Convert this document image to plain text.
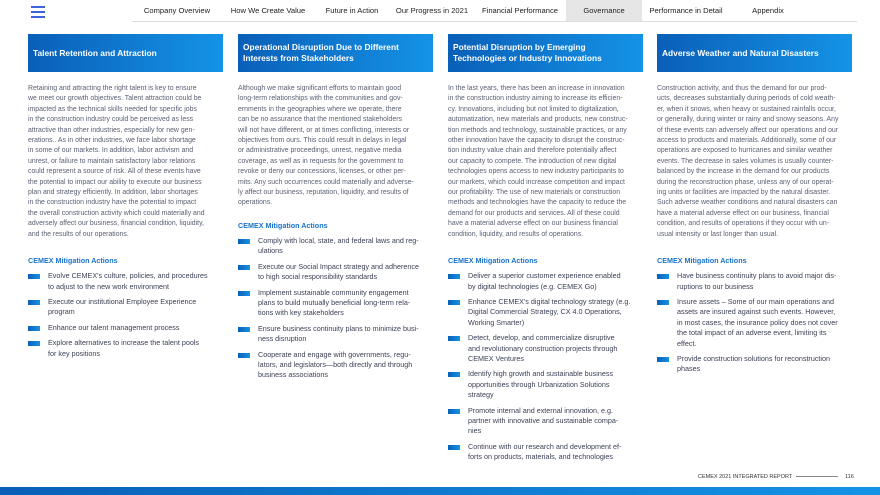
Company Overview	How We Create Value	Future in Action	Our Progress in 2021	Financial Performance	Governance	Performance in Detail	Appendix
Talent Retention and Attraction
Retaining and attracting the right talent is key to ensure
we meet our growth objectives. Talent attraction could be
impacted as the technical skills needed for specific jobs
in the construction industry could be perceived as less
attractive than other industries, especially for new gen-
erations.. As in other industries, we face labor shortage
in some of our markets. In addition, labor activism and
unrest, or failure to maintain satisfactory labor relations
could represent a source of risk. All of these events have
the potential to impact our ability to execute our business
plan and strategy efficiently. In addition, labor shortages
in the construction industry have the potential to impact
the overall construction activity which could materially and
adversely affect our business, financial condition, liquidity,
and the results of our operations.
CEMEX Mitigation Actions
Evolve CEMEX's culture, policies, and procedures
to adjust to the new work environment
Execute our institutional Employee Experience
program
Enhance our talent management process
Explore alternatives to increase the talent pools
for key positions
Operational Disruption Due to Different
Interests from Stakeholders
Although we make significant efforts to maintain good
long-term relationships with the communities and gov-
ernments in the geographies where we operate, there
can be no assurance that the mentioned stakeholders
will not have different, or at times conflicting, interests or
objectives from ours. This could result in delays in legal
or administrative proceedings, unrest, negative media
coverage, as well as in requests for the government to
revoke or deny our concessions, licenses, or other per-
mits. Any such occurrences could materially and adverse-
ly affect our business, reputation, liquidity, and results of
operations.
CEMEX Mitigation Actions
Comply with local, state, and federal laws and reg-
ulations
Execute our Social Impact strategy and adherence
to high social responsibility standards
Implement sustainable community engagement
plans to build mutually beneficial long-term rela-
tions with key stakeholders
Ensure business continuity plans to minimize busi-
ness disruption
Cooperate and engage with governments, regu-
lators, and legislators—both directly and through
business associations
Potential Disruption by Emerging
Technologies or Industry Innovations
In the last years, there has been an increase in innovation
in the construction industry aiming to increase its efficien-
cy. Innovations, including but not limited to digitalization,
automatization, new materials and products, new construc-
tion methods and technology, sustainable practices, or any
other innovation have the capacity to disrupt the construc-
tion industry value chain and therefore potentially affect
our capacity to compete. The introduction of new digital
technologies opens access to new industry participants to
our markets, which could increase competition and impact
our profitability. The use of new materials or construction
methods and technologies have the capacity to reduce the
demand for our products and services. All of these could
have a material adverse effect on our business financial
condition, liquidity, and results of operations.
CEMEX Mitigation Actions
Deliver a superior customer experience enabled
by digital technologies (e.g. CEMEX Go)
Enhance CEMEX's digital technology strategy (e.g.
Digital Commercial Strategy, CX 4.0 Operations,
Working Smarter)
Detect, develop, and commercialize disruptive
and revolutionary construction projects through
CEMEX Ventures
Identify high growth and sustainable business
opportunities through Urbanization Solutions
strategy
Promote internal and external innovation, e.g.
partner with innovative and sustainable compa-
nies
Continue with our research and development ef-
forts on products, materials, and technologies
Adverse Weather and Natural Disasters
Construction activity, and thus the demand for our prod-
ucts, decreases substantially during periods of cold weath-
er, when it snows, when heavy or sustained rainfalls occur,
or generally, during winter or rainy and snowy seasons. Any
of these events can adversely affect our operations and our
access to products and materials. Additionally, some of our
operations are exposed to hurricanes and similar weather
events. The decrease in sales volumes is usually counter-
balanced by the increase in the demand for our products
during the reconstruction phase, unless any of our operat-
ing units or facilities are impacted by the natural disaster.
Such adverse weather conditions and natural disasters can
have a material adverse effect on our business, financial
condition, and results of operations if they occur with un-
usual intensity or last longer than usual.
CEMEX Mitigation Actions
Have business continuity plans to avoid major dis-
ruptions to our business
Insure assets – Some of our main operations and
assets are insured against such events. However,
in most cases, the insurance policy does not cover
the total impact of an adverse event, limiting its
effect.
Provide construction solutions for reconstruction
phases
CEMEX 2021 INTEGRATED REPORT	116
